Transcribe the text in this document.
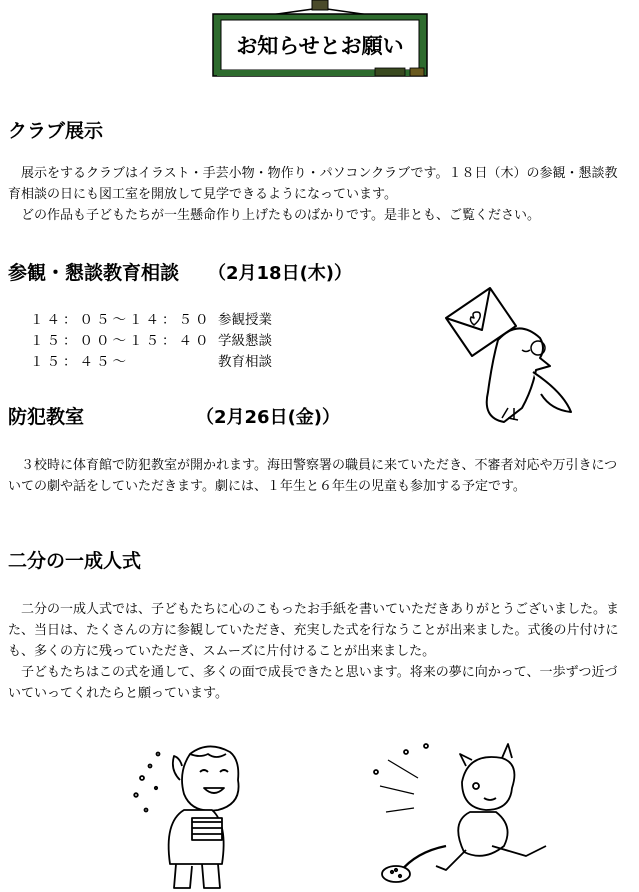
お知らせとお願い
クラブ展示

展示をするクラブはイラスト・手芸小物・物作り・パソコンクラブです。１８日（木）の参観・懇談教育相談の日にも図工室を開放して見学できるようになっています。

どの作品も子どもたちが一生懸命作り上げたものばかりです。是非とも、ご覧ください。

参観・懇談教育相談 （2月18日(木)）
１４：０５～１４：５０ 参観授業
１５：００～１５：４０ 学級懇談
１５：４５～	教育相談
防犯教室	（2月26日(金)）

３校時に体育館で防犯教室が開かれます。海田警察署の職員に来ていただき、不審者対応や万引きについての劇や話をしていただきます。劇には、１年生と６年生の児童も参加する予定です。

二分の一成人式

二分の一成人式では、子どもたちに心のこもったお手紙を書いていただきありがとうございました。また、当日は、たくさんの方に参観していただき、充実した式を行なうことが出来ました。式後の片付けにも、多くの方に残っていただき、スムーズに片付けることが出来ました。

子どもたちはこの式を通して、多くの面で成長できたと思います。将来の夢に向かって、一歩ずつ近づいていってくれたらと願っています。
